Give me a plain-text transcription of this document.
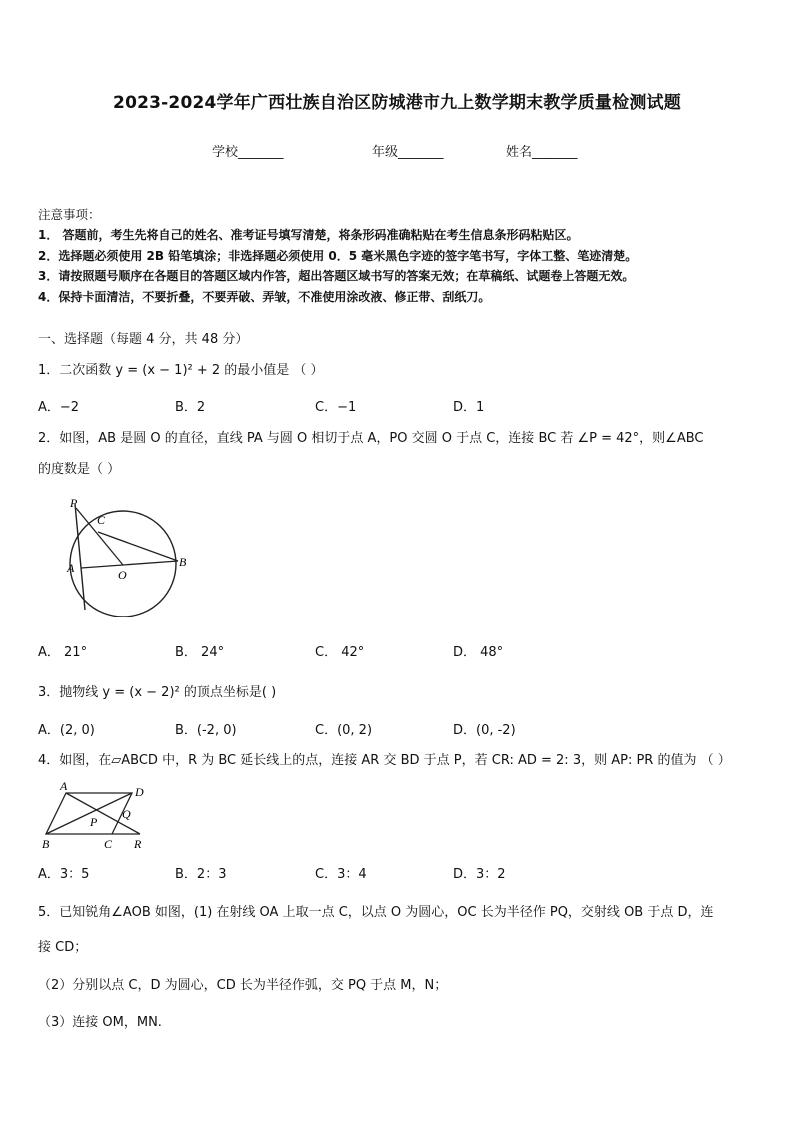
2023-2024学年广西壮族自治区防城港市九上数学期末教学质量检测试题
学校_______	年级_______	姓名_______
注意事项：
1． 答题前，考生先将自己的姓名、准考证号填写清楚，将条形码准确粘贴在考生信息条形码粘贴区。
2．选择题必须使用 2B 铅笔填涂；非选择题必须使用 0．5 毫米黑色字迹的签字笔书写，字体工整、笔迹清楚。
3．请按照题号顺序在各题目的答题区域内作答，超出答题区域书写的答案无效；在草稿纸、试题卷上答题无效。
4．保持卡面清洁，不要折叠，不要弄破、弄皱，不准使用涂改液、修正带、刮纸刀。
一、选择题（每题 4 分，共 48 分）
1．二次函数 y = (x − 1)² + 2 的最小值是 （ ）
A．−2	B．2	C．−1	D．1
2．如图，AB 是圆 O 的直径，直线 PA 与圆 O 相切于点 A，PO 交圆 O 于点 C，连接 BC 若 ∠P = 42°，则∠ABC
的度数是（ ）
P
C
A	O
B
A． 21°	B． 24°	C． 42°	D． 48°
3．抛物线 y = (x − 2)² 的顶点坐标是( )
A．(2, 0)	B．(-2, 0)	C．(0, 2)	D．(0, -2)
4．如图，在▱ABCD 中，R 为 BC 延长线上的点，连接 AR 交 BD 于点 P，若 CR: AD = 2: 3，则 AP: PR 的值为 （ ）
A	D
P
Q
B	C R
A．3：5	B．2：3	C．3：4	D．3：2
5．已知锐角∠AOB 如图，(1) 在射线 OA 上取一点 C，以点 O 为圆心，OC 长为半径作 PQ，交射线 OB 于点 D，连
接 CD；
（2）分别以点 C，D 为圆心，CD 长为半径作弧，交 PQ 于点 M，N；
（3）连接 OM，MN.
